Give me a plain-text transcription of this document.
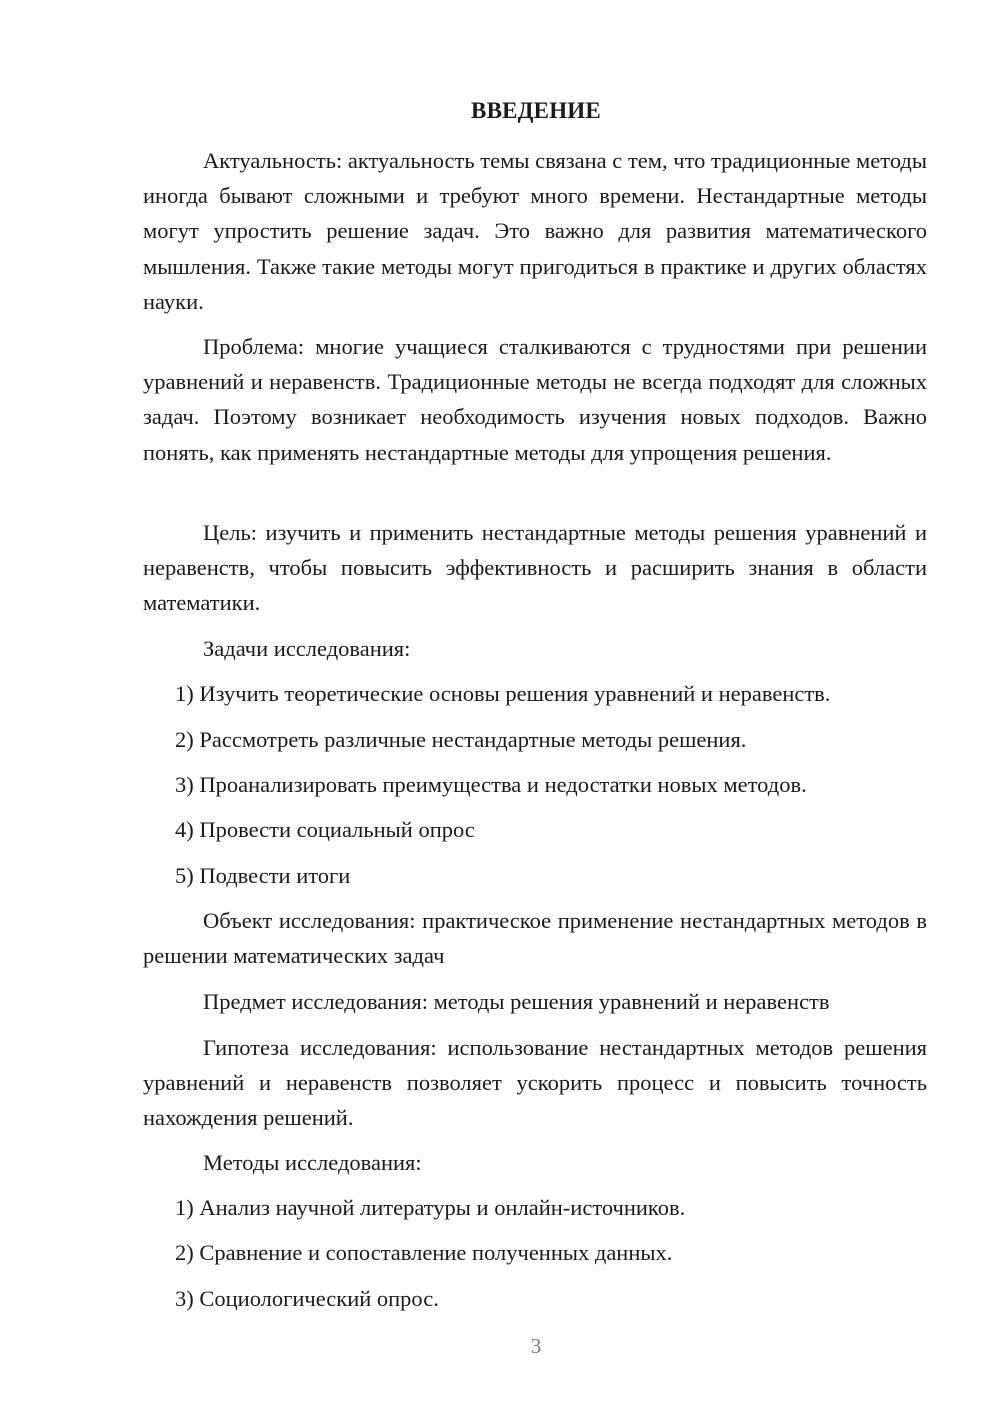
ВВЕДЕНИЕ

Актуальность: актуальность темы связана с тем, что традиционные методы иногда бывают сложными и требуют много времени. Нестандартные методы могут упростить решение задач. Это важно для развития математического мышления. Также такие методы могут пригодиться в практике и других областях науки.

Проблема: многие учащиеся сталкиваются с трудностями при решении уравнений и неравенств. Традиционные методы не всегда подходят для сложных задач. Поэтому возникает необходимость изучения новых подходов. Важно понять, как применять нестандартные методы для упрощения решения.

Цель: изучить и применить нестандартные методы решения уравнений и неравенств, чтобы повысить эффективность и расширить знания в области математики.

Задачи исследования:

1) Изучить теоретические основы решения уравнений и неравенств.

2) Рассмотреть различные нестандартные методы решения.

3) Проанализировать преимущества и недостатки новых методов.

4) Провести социальный опрос

5) Подвести итоги

Объект исследования: практическое применение нестандартных методов в решении математических задач

Предмет исследования: методы решения уравнений и неравенств

Гипотеза исследования: использование нестандартных методов решения уравнений и неравенств позволяет ускорить процесс и повысить точность нахождения решений.

Методы исследования:

1) Анализ научной литературы и онлайн-источников.

2) Сравнение и сопоставление полученных данных.

3) Социологический опрос.

3
